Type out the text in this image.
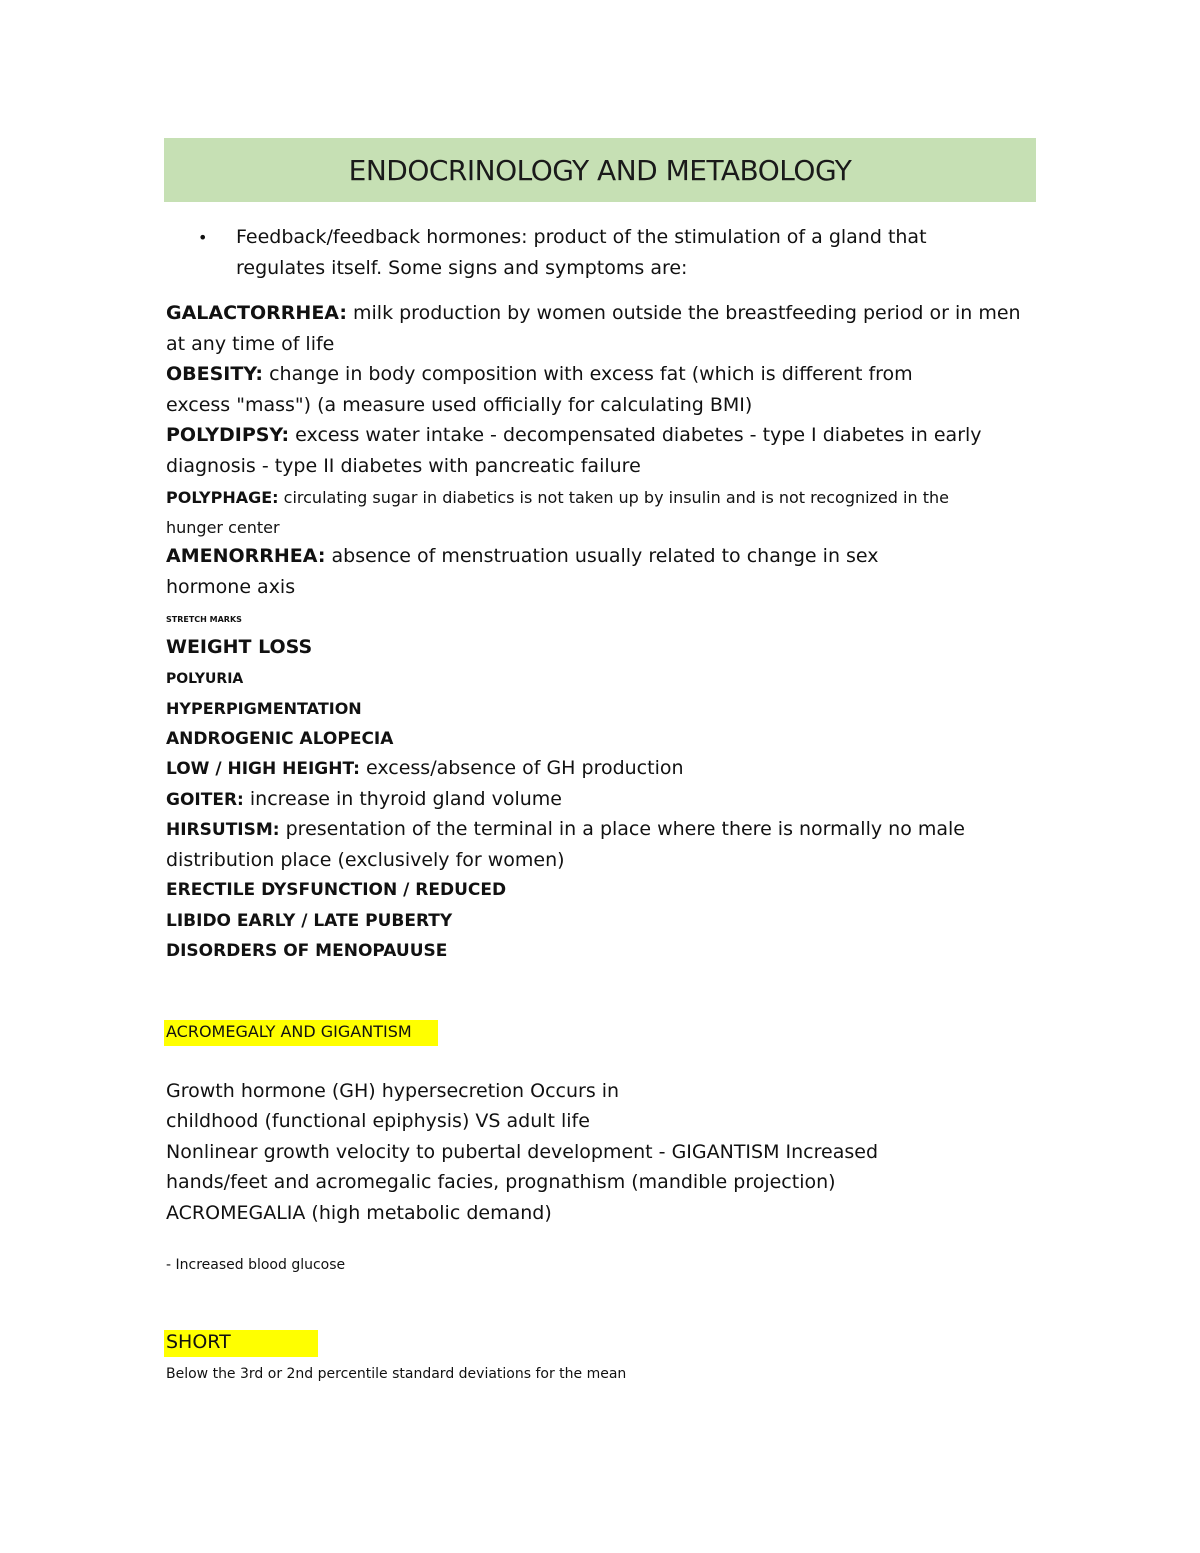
ENDOCRINOLOGY AND METABOLOGY
• Feedback/feedback hormones: product of the stimulation of a gland that
regulates itself. Some signs and symptoms are:
GALACTORRHEA: milk production by women outside the breastfeeding period or in men
at any time of life
OBESITY: change in body composition with excess fat (which is different from
excess "mass") (a measure used officially for calculating BMI)
POLYDIPSY: excess water intake - decompensated diabetes - type I diabetes in early
diagnosis - type II diabetes with pancreatic failure
POLYPHAGE: circulating sugar in diabetics is not taken up by insulin and is not recognized in the
hunger center
AMENORRHEA: absence of menstruation usually related to change in sex
hormone axis
STRETCH MARKS
WEIGHT LOSS
POLYURIA
HYPERPIGMENTATION
ANDROGENIC ALOPECIA
LOW / HIGH HEIGHT: excess/absence of GH production
GOITER: increase in thyroid gland volume
HIRSUTISM: presentation of the terminal in a place where there is normally no male
distribution place (exclusively for women)
ERECTILE DYSFUNCTION / REDUCED
LIBIDO EARLY / LATE PUBERTY
DISORDERS OF MENOPAUUSE
ACROMEGALY AND GIGANTISM
Growth hormone (GH) hypersecretion Occurs in
childhood (functional epiphysis) VS adult life
Nonlinear growth velocity to pubertal development - GIGANTISM Increased
hands/feet and acromegalic facies, prognathism (mandible projection)
ACROMEGALIA (high metabolic demand)
- Increased blood glucose
SHORT
Below the 3rd or 2nd percentile standard deviations for the mean
